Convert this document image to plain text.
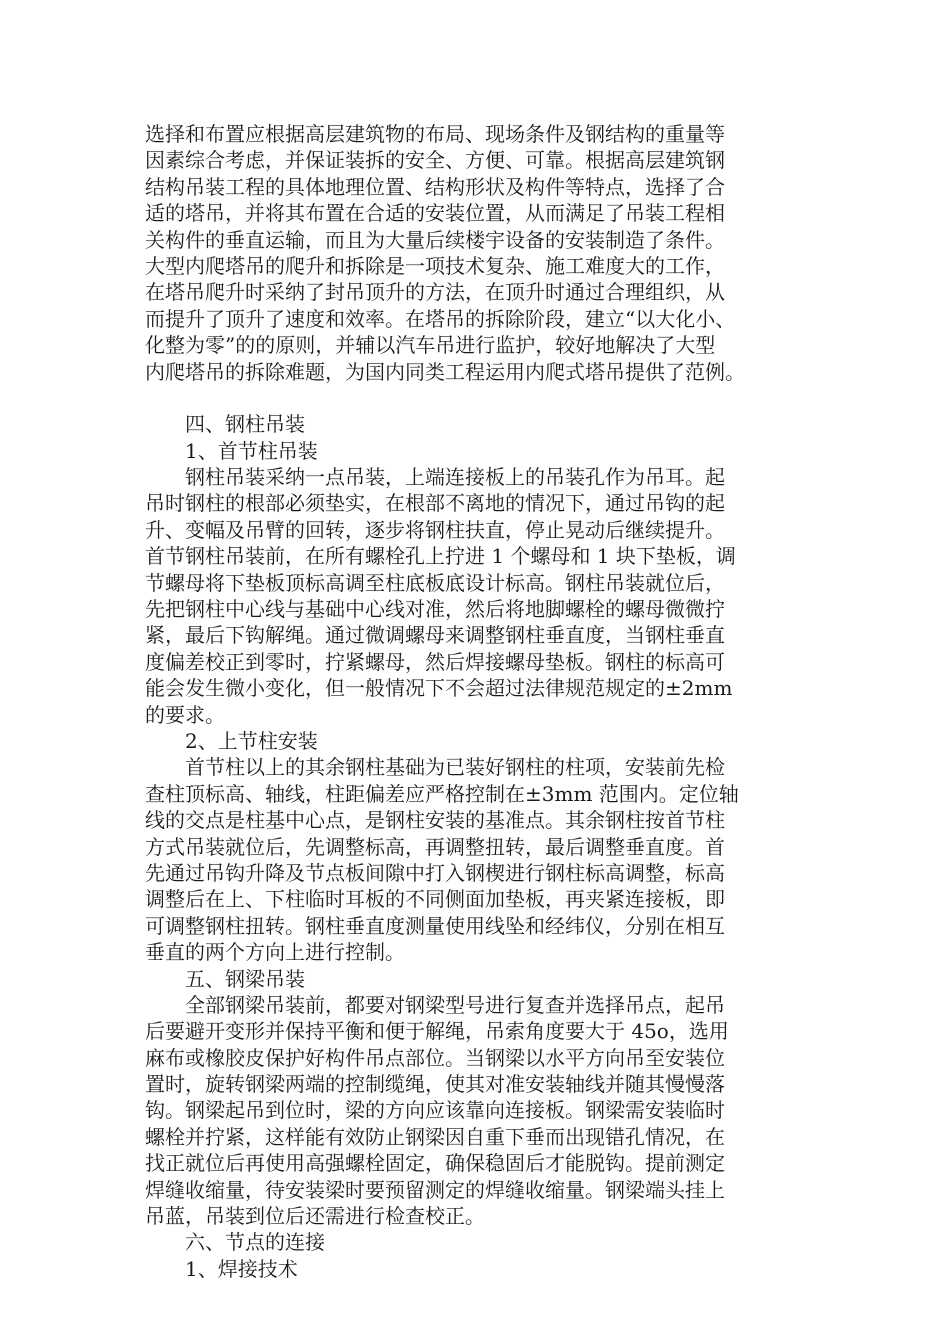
选择和布置应根据高层建筑物的布局、现场条件及钢结构的重量等
因素综合考虑，并保证装拆的安全、方便、可靠。根据高层建筑钢
结构吊装工程的具体地理位置、结构形状及构件等特点，选择了合
适的塔吊，并将其布置在合适的安装位置，从而满足了吊装工程相
关构件的垂直运输，而且为大量后续楼宇设备的安装制造了条件。
大型内爬塔吊的爬升和拆除是一项技术复杂、施工难度大的工作，
在塔吊爬升时采纳了封吊顶升的方法，在顶升时通过合理组织，从
而提升了顶升了速度和效率。在塔吊的拆除阶段，建立“以大化小、
化整为零”的的原则，并辅以汽车吊进行监护，较好地解决了大型
内爬塔吊的拆除难题，为国内同类工程运用内爬式塔吊提供了范例。
四、钢柱吊装
1、首节柱吊装
钢柱吊装采纳一点吊装，上端连接板上的吊装孔作为吊耳。起
吊时钢柱的根部必须垫实，在根部不离地的情况下，通过吊钩的起
升、变幅及吊臂的回转，逐步将钢柱扶直，停止晃动后继续提升。
首节钢柱吊装前，在所有螺栓孔上拧进 1 个螺母和 1 块下垫板，调
节螺母将下垫板顶标高调至柱底板底设计标高。钢柱吊装就位后，
先把钢柱中心线与基础中心线对准，然后将地脚螺栓的螺母微微拧
紧，最后下钩解绳。通过微调螺母来调整钢柱垂直度，当钢柱垂直
度偏差校正到零时，拧紧螺母，然后焊接螺母垫板。钢柱的标高可
能会发生微小变化，但一般情况下不会超过法律规范规定的±2mm
的要求。
2、上节柱安装
首节柱以上的其余钢柱基础为已装好钢柱的柱项，安装前先检
查柱顶标高、轴线，柱距偏差应严格控制在±3mm 范围内。定位轴
线的交点是柱基中心点，是钢柱安装的基准点。其余钢柱按首节柱
方式吊装就位后，先调整标高，再调整扭转，最后调整垂直度。首
先通过吊钩升降及节点板间隙中打入钢楔进行钢柱标高调整，标高
调整后在上、下柱临时耳板的不同侧面加垫板，再夹紧连接板，即
可调整钢柱扭转。钢柱垂直度测量使用线坠和经纬仪，分别在相互
垂直的两个方向上进行控制。
五、钢梁吊装
全部钢梁吊装前，都要对钢梁型号进行复查并选择吊点，起吊
后要避开变形并保持平衡和便于解绳，吊索角度要大于 45o，选用
麻布或橡胶皮保护好构件吊点部位。当钢梁以水平方向吊至安装位
置时，旋转钢梁两端的控制缆绳，使其对准安装轴线并随其慢慢落
钩。钢梁起吊到位时，梁的方向应该靠向连接板。钢梁需安装临时
螺栓并拧紧，这样能有效防止钢梁因自重下垂而出现错孔情况，在
找正就位后再使用高强螺栓固定，确保稳固后才能脱钩。提前测定
焊缝收缩量，待安装梁时要预留测定的焊缝收缩量。钢梁端头挂上
吊蓝，吊装到位后还需进行检查校正。
六、节点的连接
1、焊接技术
